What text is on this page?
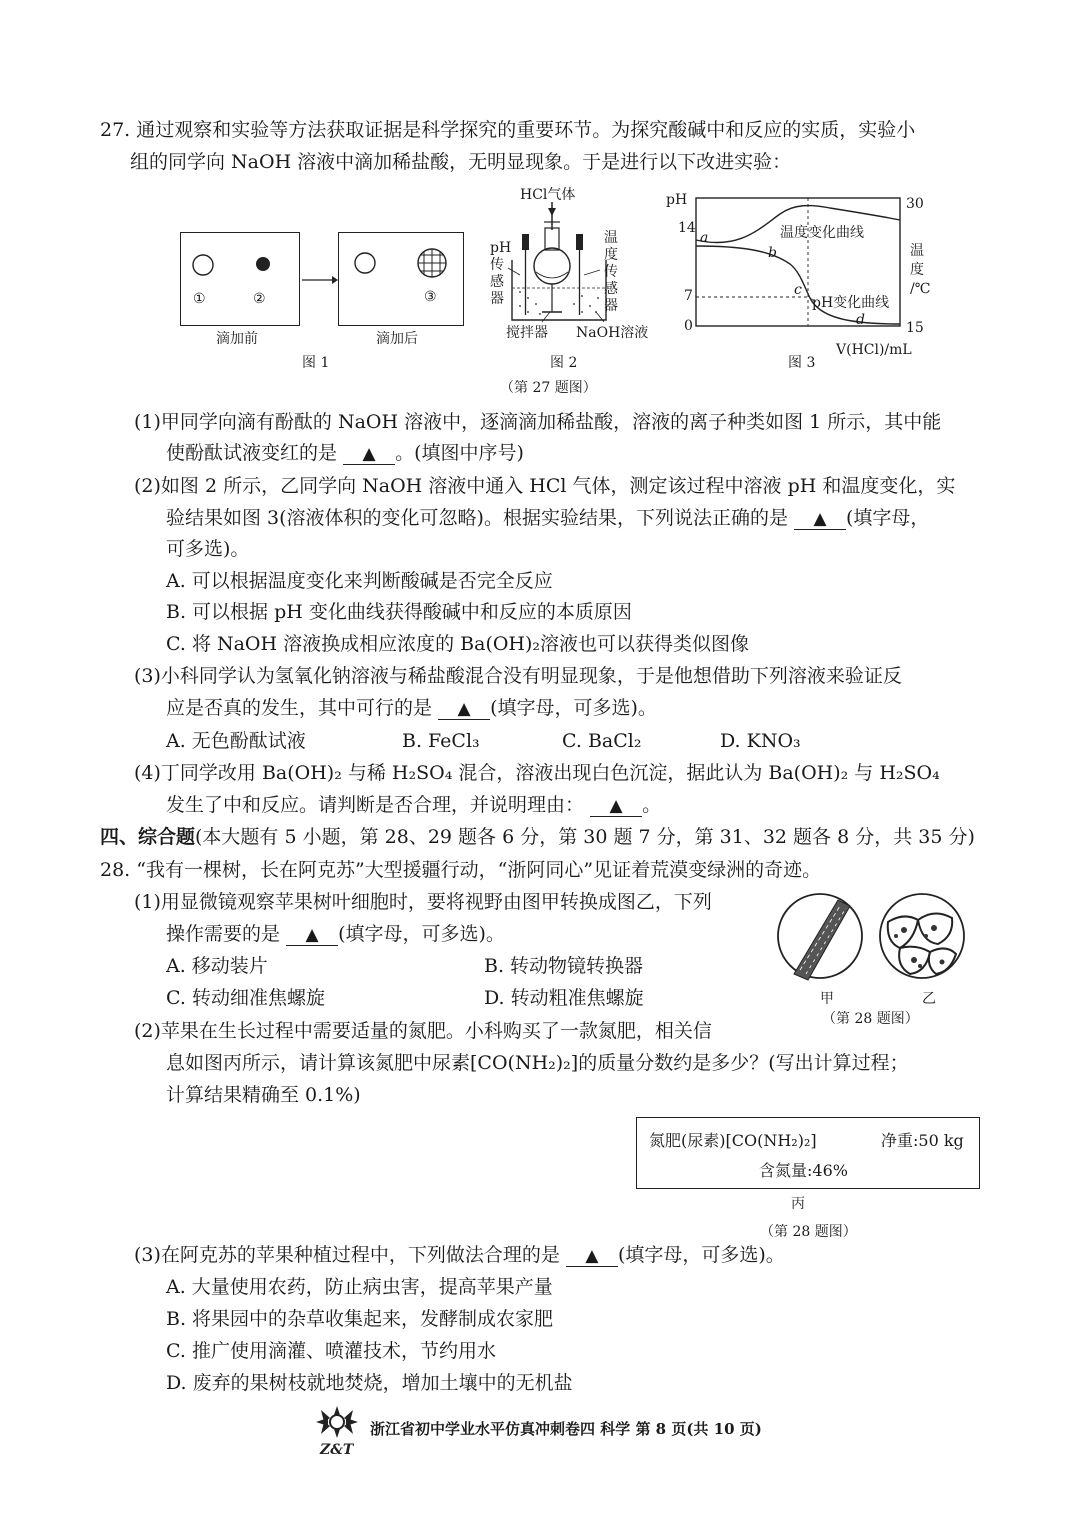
27. 通过观察和实验等方法获取证据是科学探究的重要环节。为探究酸碱中和反应的实质，实验小
组的同学向 NaOH 溶液中滴加稀盐酸，无明显现象。于是进行以下改进实验：
①	②	③
滴加前	滴加后
图 1
HCl气体
pH
传
感
器
温
度
传
感
器
搅拌器 NaOH溶液
图 2
pH
14
7
0
30
15
温
度
/℃
温度变化曲线
pH变化曲线
a
b
c
d
V(HCl)/mL
图 3
（第 27 题图）
(1)甲同学向滴有酚酞的 NaOH 溶液中，逐滴滴加稀盐酸，溶液的离子种类如图 1 所示，其中能
使酚酞试液变红的是 ▲ 。(填图中序号)
(2)如图 2 所示，乙同学向 NaOH 溶液中通入 HCl 气体，测定该过程中溶液 pH 和温度变化，实
验结果如图 3(溶液体积的变化可忽略)。根据实验结果，下列说法正确的是 ▲ (填字母，
可多选)。
A. 可以根据温度变化来判断酸碱是否完全反应
B. 可以根据 pH 变化曲线获得酸碱中和反应的本质原因
C. 将 NaOH 溶液换成相应浓度的 Ba(OH)₂溶液也可以获得类似图像
(3)小科同学认为氢氧化钠溶液与稀盐酸混合没有明显现象，于是他想借助下列溶液来验证反
应是否真的发生，其中可行的是 ▲ (填字母，可多选)。
A. 无色酚酞试液	B. FeCl₃	C. BaCl₂	D. KNO₃
(4)丁同学改用 Ba(OH)₂ 与稀 H₂SO₄ 混合，溶液出现白色沉淀，据此认为 Ba(OH)₂ 与 H₂SO₄
发生了中和反应。请判断是否合理，并说明理由： ▲ 。
四、综合题(本大题有 5 小题，第 28、29 题各 6 分，第 30 题 7 分，第 31、32 题各 8 分，共 35 分)
28. “我有一棵树，长在阿克苏”大型援疆行动，“浙阿同心”见证着荒漠变绿洲的奇迹。
(1)用显微镜观察苹果树叶细胞时，要将视野由图甲转换成图乙，下列
操作需要的是 ▲ (填字母，可多选)。
A. 移动装片	B. 转动物镜转换器
C. 转动细准焦螺旋	D. 转动粗准焦螺旋	甲	乙
（第 28 题图）
(2)苹果在生长过程中需要适量的氮肥。小科购买了一款氮肥，相关信
息如图丙所示，请计算该氮肥中尿素[CO(NH₂)₂]的质量分数约是多少？(写出计算过程；
计算结果精确至 0.1%)
氮肥(尿素)[CO(NH₂)₂]	净重:50 kg
含氮量:46%
丙
（第 28 题图）
(3)在阿克苏的苹果种植过程中，下列做法合理的是 ▲ (填字母，可多选)。
A. 大量使用农药，防止病虫害，提高苹果产量
B. 将果园中的杂草收集起来，发酵制成农家肥
C. 推广使用滴灌、喷灌技术，节约用水
D. 废弃的果树枝就地焚烧，增加土壤中的无机盐
Z&T
浙江省初中学业水平仿真冲刺卷四 科学 第 8 页(共 10 页)
